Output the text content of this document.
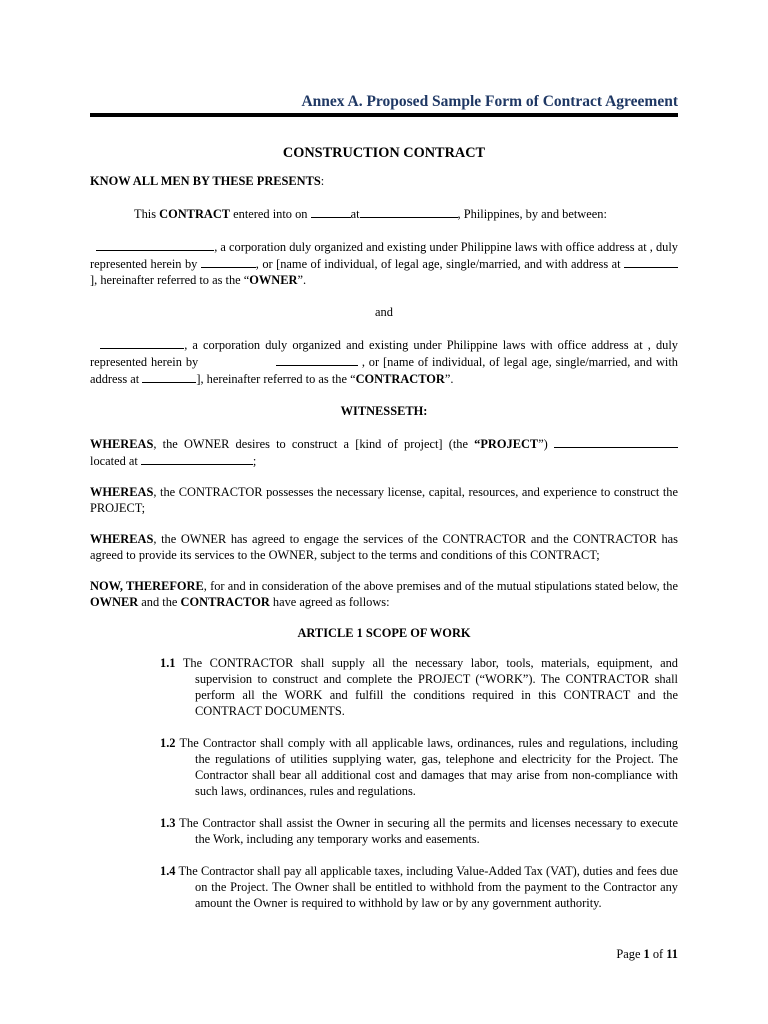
Annex A. Proposed Sample Form of Contract Agreement

CONSTRUCTION CONTRACT

KNOW ALL MEN BY THESE PRESENTS:

This CONTRACT entered into on	at	, Philippines, by and between:

, a corporation duly organized and existing under Philippine laws with office address at , duly represented herein by	, or [name of individual, of legal age, single/married, and with address at ], hereinafter referred to as the “OWNER”.

and

, a corporation duly organized and existing under Philippine laws with office address at , duly represented herein by	, or [name of individual, of legal age, single/married, and with address at	], hereinafter referred to as the “CONTRACTOR”.

WITNESSETH:

WHEREAS, the OWNER desires to construct a [kind of project] (the “PROJECT”)  located at	;

WHEREAS, the CONTRACTOR possesses the necessary license, capital, resources, and experience to construct the PROJECT;

WHEREAS, the OWNER has agreed to engage the services of the CONTRACTOR and the CONTRACTOR has agreed to provide its services to the OWNER, subject to the terms and conditions of this CONTRACT;

NOW, THEREFORE, for and in consideration of the above premises and of the mutual stipulations stated below, the OWNER and the CONTRACTOR have agreed as follows:

ARTICLE 1 SCOPE OF WORK

1.1 The CONTRACTOR shall supply all the necessary labor, tools, materials, equipment, and supervision to construct and complete the PROJECT (“WORK”). The CONTRACTOR shall perform all the WORK and fulfill the conditions required in this CONTRACT and the CONTRACT DOCUMENTS.

1.2 The Contractor shall comply with all applicable laws, ordinances, rules and regulations, including the regulations of utilities supplying water, gas, telephone and electricity for the Project. The Contractor shall bear all additional cost and damages that may arise from non-compliance with such laws, ordinances, rules and regulations.

1.3 The Contractor shall assist the Owner in securing all the permits and licenses necessary to execute the Work, including any temporary works and easements.

1.4 The Contractor shall pay all applicable taxes, including Value-Added Tax (VAT), duties and fees due on the Project. The Owner shall be entitled to withhold from the payment to the Contractor any amount the Owner is required to withhold by law or by any government authority.

Page 1 of 11
